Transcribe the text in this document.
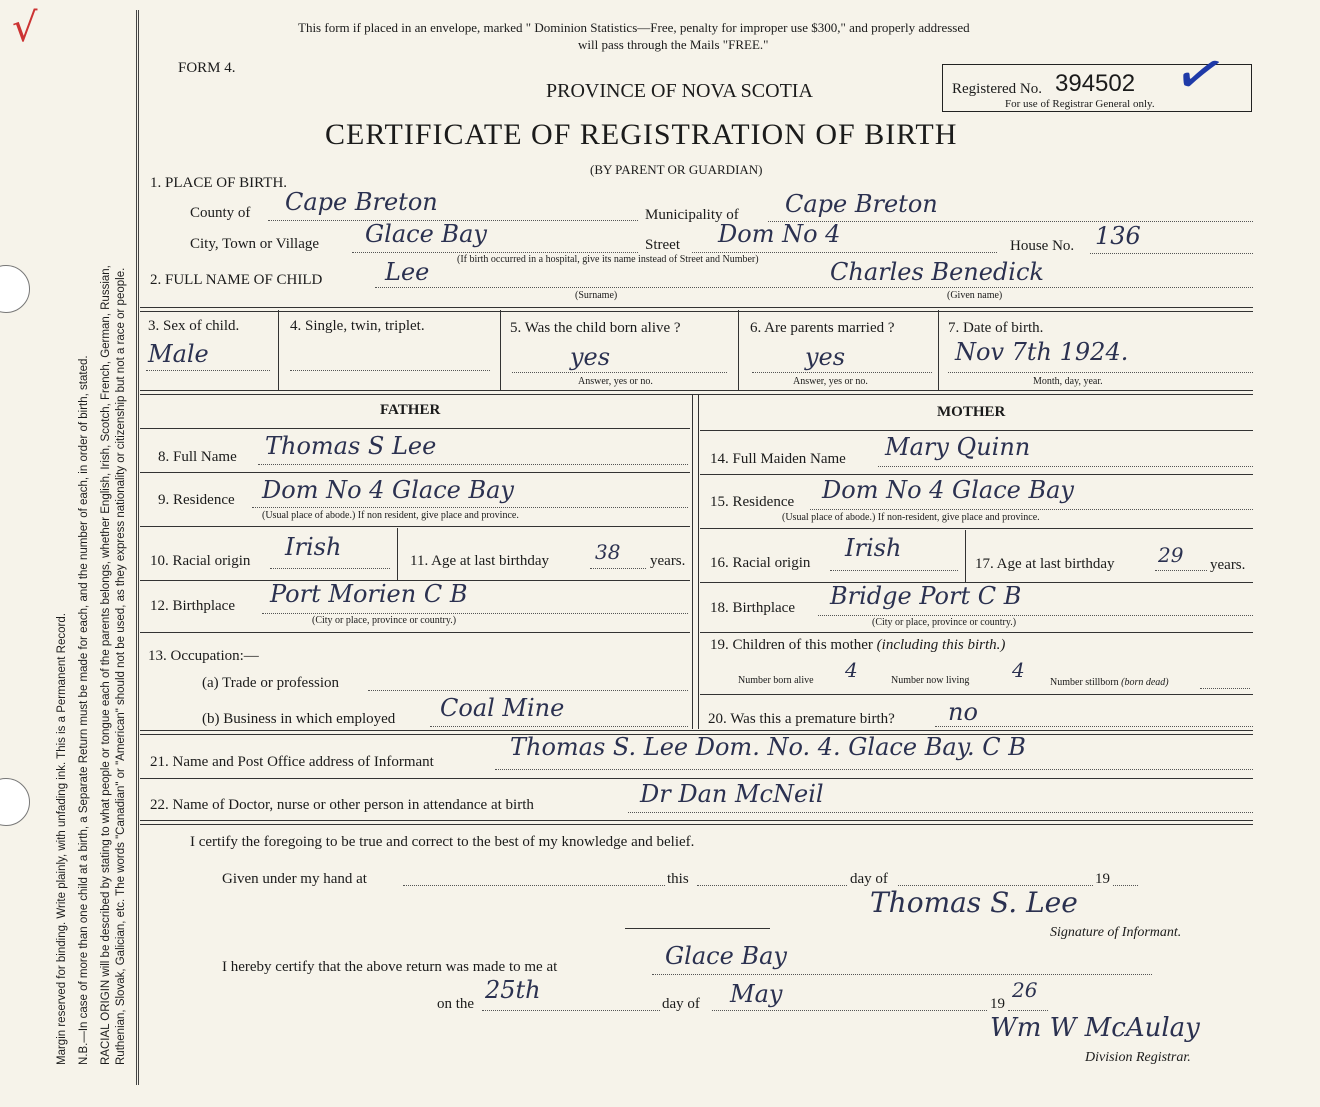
Margin reserved for binding. Write plainly, with unfading ink. This is a Permanent Record. N.B.—In case of more than one child at a birth, a Separate Return must be made for each, and the number of each, in order of birth, stated. RACIAL ORIGIN will be described by stating to what people or tongue each of the parents belongs, whether English, Irish, Scotch, French, German, Russian, Ruthenian, Slovak, Galician, etc. The words "Canadian" or "American" should not be used, as they express nationality or citizenship but not a race or people.
√	This form if placed in an envelope, marked " Dominion Statistics—Free, penalty for improper use $300," and properly addressed
will pass through the Mails "FREE."
FORM 4.
PROVINCE OF NOVA SCOTIA
CERTIFICATE OF REGISTRATION OF BIRTH
(BY PARENT OR GUARDIAN)
Registered No. 394502
For use of Registrar General only. ✓
1. PLACE OF BIRTH.
County of Cape Breton	Municipality of Cape Breton
City, Town or Village Glace Bay	Street Dom No 4	House No. 136
(If birth occurred in a hospital, give its name instead of Street and Number)
2. FULL NAME OF CHILD	Lee
(Surname)
Charles Benedick
(Given name)
3. Sex of child.
Male
4. Single, twin, triplet.	5. Was the child born alive ?
yes
Answer, yes or no.
6. Are parents married ?
yes
Answer, yes or no.
7. Date of birth.
Nov 7th 1924.
Month, day, year.
FATHER
8. Full Name Thomas S Lee
9. Residence Dom No 4 Glace Bay
(Usual place of abode.) If non resident, give place and province.
10. Racial origin Irish	11. Age at last birthday 38 years.
12. Birthplace Port Morien C B
(City or place, province or country.)
13. Occupation:—
(a) Trade or profession
(b) Business in which employed Coal Mine
MOTHER
14. Full Maiden Name Mary Quinn
15. Residence Dom No 4 Glace Bay
(Usual place of abode.) If non-resident, give place and province.
16. Racial origin
Irish
17. Age at last birthday 29 years.
18. Birthplace Bridge Port C B
(City or place, province or country.)
19. Children of this mother (including this birth.)
Number born alive 4	Number now living 4
Number stillborn (born dead)
20. Was this a premature birth? no
21. Name and Post Office address of Informant
Thomas S. Lee Dom. No. 4. Glace Bay. C B
22. Name of Doctor, nurse or other person in attendance at birth	Dr Dan McNeil
I certify the foregoing to be true and correct to the best of my knowledge and belief.
Given under my hand at	this	day of	19
Thomas S. Lee
Signature of Informant.
I hereby certify that the above return was made to me at	Glace Bay
on the 25th	day of May	19
26
Wm W McAulay
Division Registrar.
